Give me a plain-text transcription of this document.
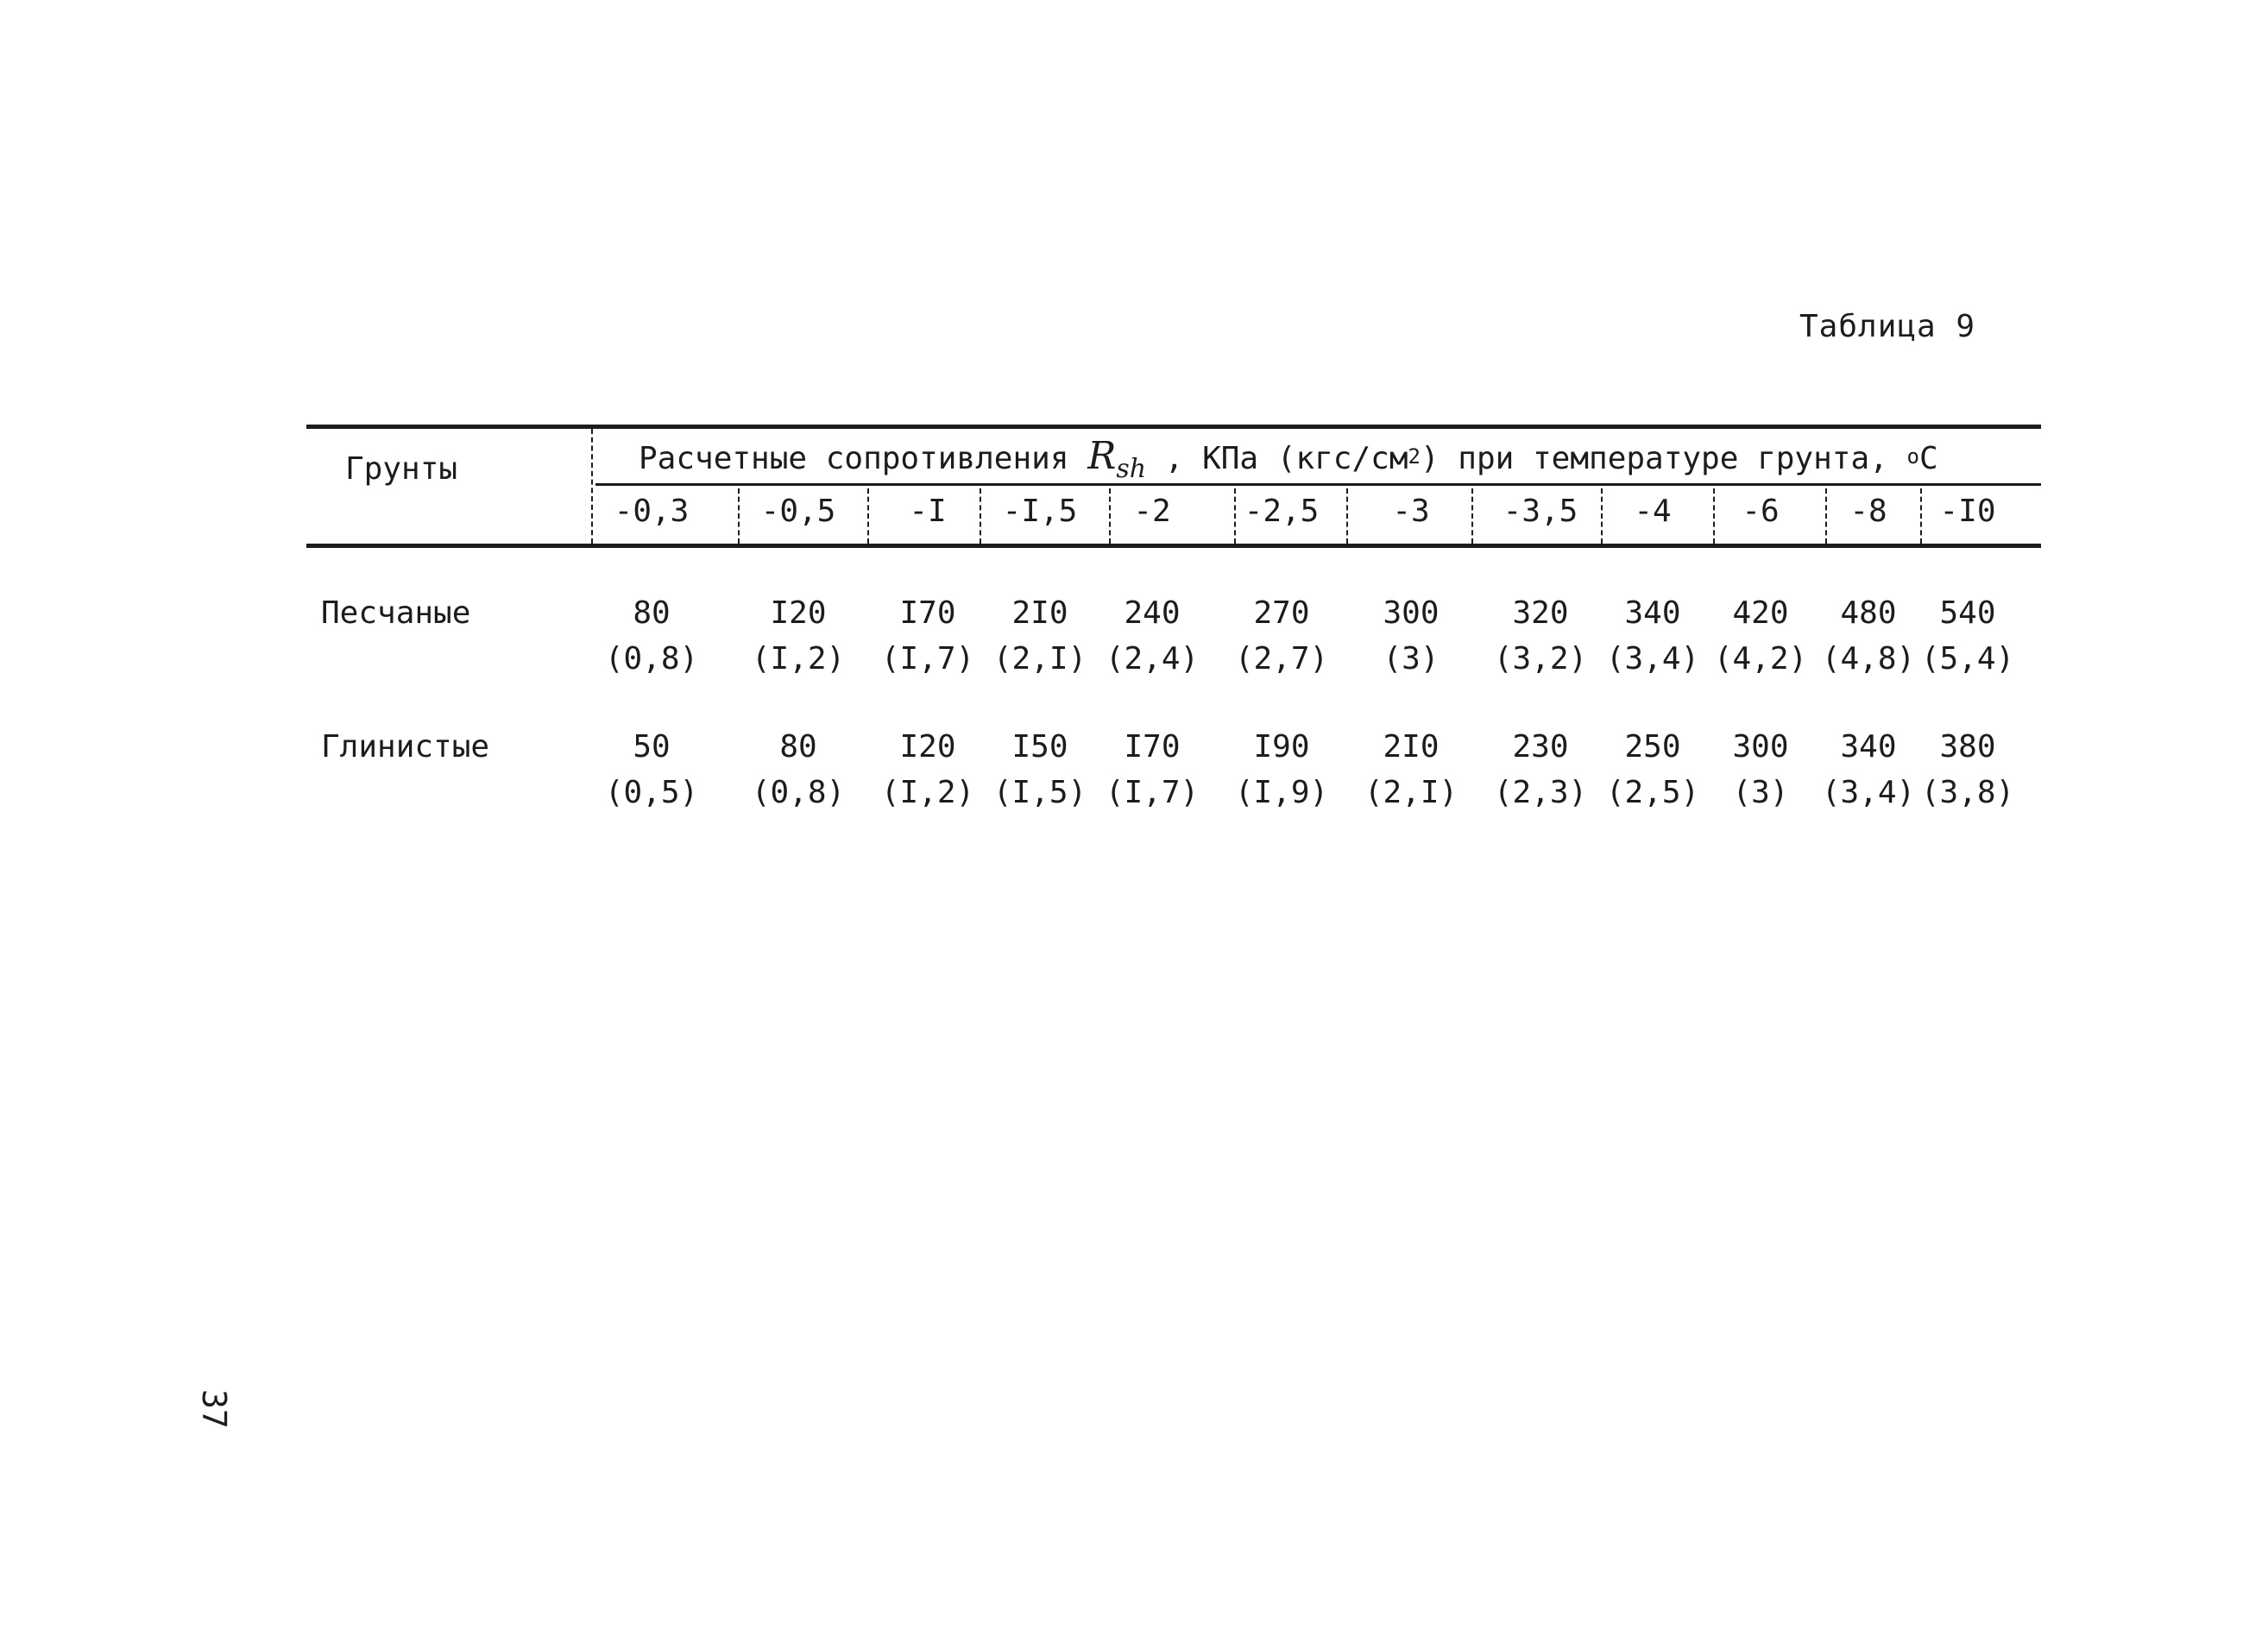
Таблица 9
Грунты	Расчетные сопротивления $R_{sh}$ , КПа $(кгс/см^2)$ при температуре грунта, $^o$C
-0,3	-0,5	-I	-I,5	-2	-2,5	-3	-3,5	-4	-6	-8	-I0
Песчаные	80	I20	I70	2I0	240	270	300	320	340	420	480	540
(0,8)	(I,2)	(I,7) (2,I) (2,4)	(2,7)	(3)	(3,2) (3,4) (4,2) (4,8) (5,4)
Глинистые	50	80	I20	I50	I70	I90	2I0	230	250	300	340	380
(0,5)	(0,8)	(I,2) (I,5) (I,7)	(I,9)	(2,I)	(2,3) (2,5)	(3)	(3,4) (3,8)
37
